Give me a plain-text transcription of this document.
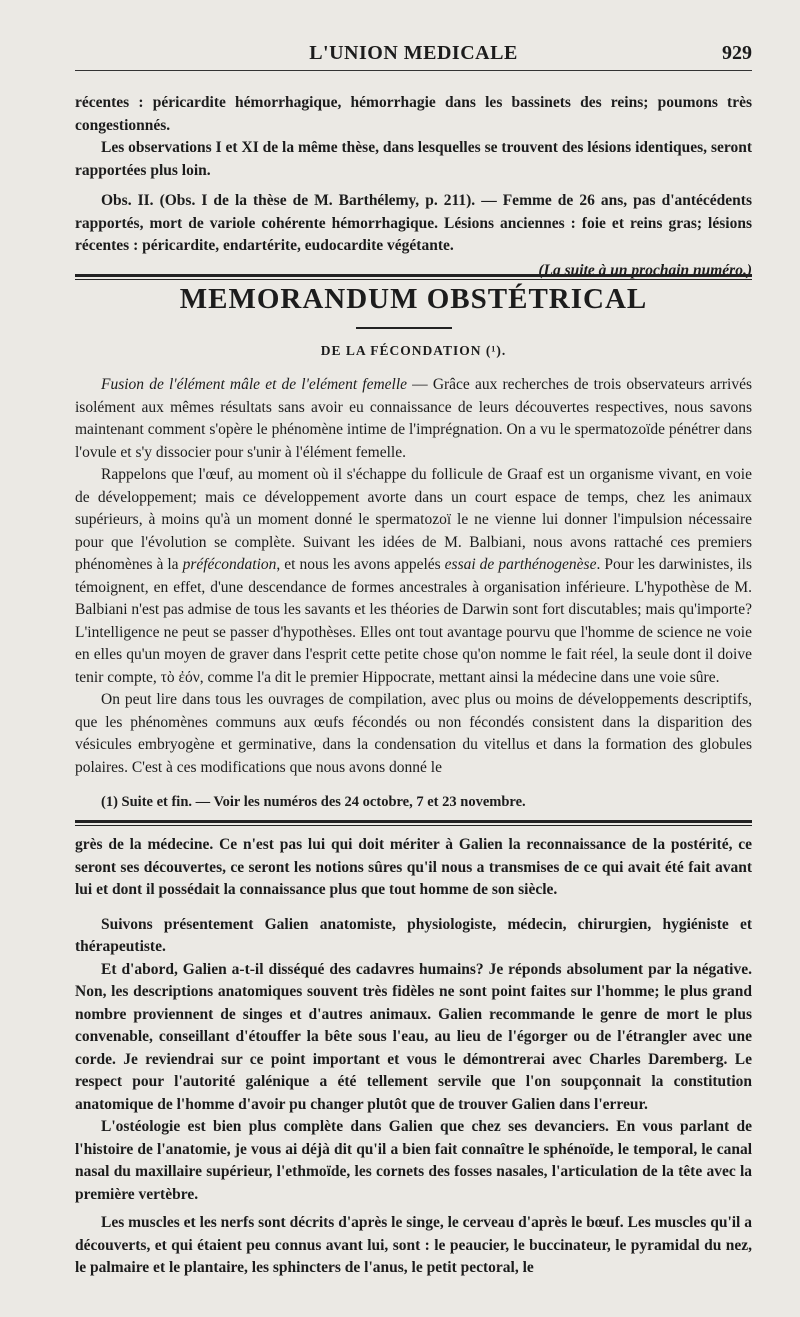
L'UNION MEDICALE	929

récentes : péricardite hémorrhagique, hémorrhagie dans les bassinets des reins; poumons très congestionnés.

Les observations I et XI de la même thèse, dans lesquelles se trouvent des lésions identiques, seront rapportées plus loin.

Obs. II. (Obs. I de la thèse de M. Barthélemy, p. 211). — Femme de 26 ans, pas d'antécédents rapportés, mort de variole cohérente hémorrhagique. Lésions anciennes : foie et reins gras; lésions récentes : péricardite, endartérite, eudocardite végétante.

(La suite à un prochain numéro.)

MEMORANDUM OBSTÉTRICAL
DE LA FÉCONDATION (¹).

Fusion de l'élément mâle et de l'elément femelle — Grâce aux recherches de trois observateurs arrivés isolément aux mêmes résultats sans avoir eu connaissance de leurs découvertes respectives, nous savons maintenant comment s'opère le phénomène intime de l'imprégnation. On a vu le spermatozoïde pénétrer dans l'ovule et s'y dissocier pour s'unir à l'élément femelle.

Rappelons que l'œuf, au moment où il s'échappe du follicule de Graaf est un organisme vivant, en voie de développement; mais ce développement avorte dans un court espace de temps, chez les animaux supérieurs, à moins qu'à un moment donné le spermatozoï le ne vienne lui donner l'impulsion nécessaire pour que l'évolution se complète. Suivant les idées de M. Balbiani, nous avons rattaché ces premiers phénomènes à la préfécondation, et nous les avons appelés essai de parthénogenèse. Pour les darwinistes, ils témoignent, en effet, d'une descendance de formes ancestrales à organisation inférieure. L'hypothèse de M. Balbiani n'est pas admise de tous les savants et les théories de Darwin sont fort discutables; mais qu'importe? L'intelligence ne peut se passer d'hypothèses. Elles ont tout avantage pourvu que l'homme de science ne voie en elles qu'un moyen de graver dans l'esprit cette petite chose qu'on nomme le fait réel, la seule dont il doive tenir compte, τὸ ἐόν, comme l'a dit le premier Hippocrate, mettant ainsi la médecine dans une voie sûre.

On peut lire dans tous les ouvrages de compilation, avec plus ou moins de développements descriptifs, que les phénomènes communs aux œufs fécondés ou non fécondés consistent dans la disparition des vésicules embryogène et germinative, dans la condensation du vitellus et dans la formation des globules polaires. C'est à ces modifications que nous avons donné le

(1) Suite et fin. — Voir les numéros des 24 octobre, 7 et 23 novembre.

grès de la médecine. Ce n'est pas lui qui doit mériter à Galien la reconnaissance de la postérité, ce seront ses découvertes, ce seront les notions sûres qu'il nous a transmises de ce qui avait été fait avant lui et dont il possédait la connaissance plus que tout homme de son siècle.

Suivons présentement Galien anatomiste, physiologiste, médecin, chirurgien, hygiéniste et thérapeutiste.

Et d'abord, Galien a-t-il disséqué des cadavres humains? Je réponds absolument par la négative. Non, les descriptions anatomiques souvent très fidèles ne sont point faites sur l'homme; le plus grand nombre proviennent de singes et d'autres animaux. Galien recommande le genre de mort le plus convenable, conseillant d'étouffer la bête sous l'eau, au lieu de l'égorger ou de l'étrangler avec une corde. Je reviendrai sur ce point important et vous le démontrerai avec Charles Daremberg. Le respect pour l'autorité galénique a été tellement servile que l'on soupçonnait la constitution anatomique de l'homme d'avoir pu changer plutôt que de trouver Galien dans l'erreur.

L'ostéologie est bien plus complète dans Galien que chez ses devanciers. En vous parlant de l'histoire de l'anatomie, je vous ai déjà dit qu'il a bien fait connaître le sphénoïde, le temporal, le canal nasal du maxillaire supérieur, l'ethmoïde, les cornets des fosses nasales, l'articulation de la tête avec la première vertèbre.

Les muscles et les nerfs sont décrits d'après le singe, le cerveau d'après le bœuf. Les muscles qu'il a découverts, et qui étaient peu connus avant lui, sont : le peaucier, le buccinateur, le pyramidal du nez, le palmaire et le plantaire, les sphincters de l'anus, le petit pectoral, le
